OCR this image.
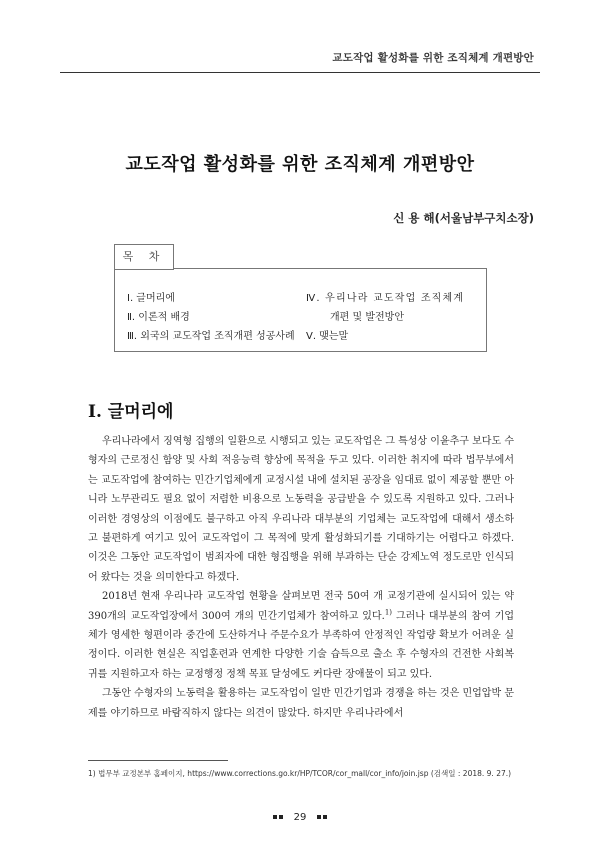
교도작업 활성화를 위한 조직체계 개편방안
교도작업 활성화를 위한 조직체계 개편방안
신 용 해(서울남부구치소장)
목 차
Ⅰ. 글머리에
Ⅱ. 이론적 배경
Ⅲ. 외국의 교도작업 조직개편 성공사례
Ⅳ. 우리나라 교도작업 조직체계
개편 및 발전방안
Ⅴ. 맺는말
Ⅰ. 글머리에

우리나라에서 징역형 집행의 일환으로 시행되고 있는 교도작업은 그 특성상 이윤추구 보다도 수형자의 근로정신 함양 및 사회 적응능력 향상에 목적을 두고 있다. 이러한 취지에 따라 법무부에서는 교도작업에 참여하는 민간기업체에게 교정시설 내에 설치된 공장을 임대료 없이 제공할 뿐만 아니라 노무관리도 필요 없이 저렴한 비용으로 노동력을 공급받을 수 있도록 지원하고 있다. 그러나 이러한 경영상의 이점에도 불구하고 아직 우리나라 대부분의 기업체는 교도작업에 대해서 생소하고 불편하게 여기고 있어 교도작업이 그 목적에 맞게 활성화되기를 기대하기는 어렵다고 하겠다. 이것은 그동안 교도작업이 범죄자에 대한 형집행을 위해 부과하는 단순 강제노역 정도로만 인식되어 왔다는 것을 의미한다고 하겠다.

2018년 현재 우리나라 교도작업 현황을 살펴보면 전국 50여 개 교정기관에 실시되어 있는 약 390개의 교도작업장에서 300여 개의 민간기업체가 참여하고 있다.$^{1)}$ 그러나 대부분의 참여 기업체가 영세한 형편이라 중간에 도산하거나 주문수요가 부족하여 안정적인 작업량 확보가 어려운 실정이다. 이러한 현실은 직업훈련과 연계한 다양한 기술 습득으로 출소 후 수형자의 건전한 사회복귀를 지원하고자 하는 교정행정 정책 목표 달성에도 커다란 장애물이 되고 있다.

그동안 수형자의 노동력을 활용하는 교도작업이 일반 민간기업과 경쟁을 하는 것은 민업압박 문제를 야기하므로 바람직하지 않다는 의견이 많았다. 하지만 우리나라에서

1) 법무부 교정본부 홈페이지, https://www.corrections.go.kr/HP/TCOR/cor_mall/cor_info/join.jsp (검색일 : 2018. 9. 27.)
29
